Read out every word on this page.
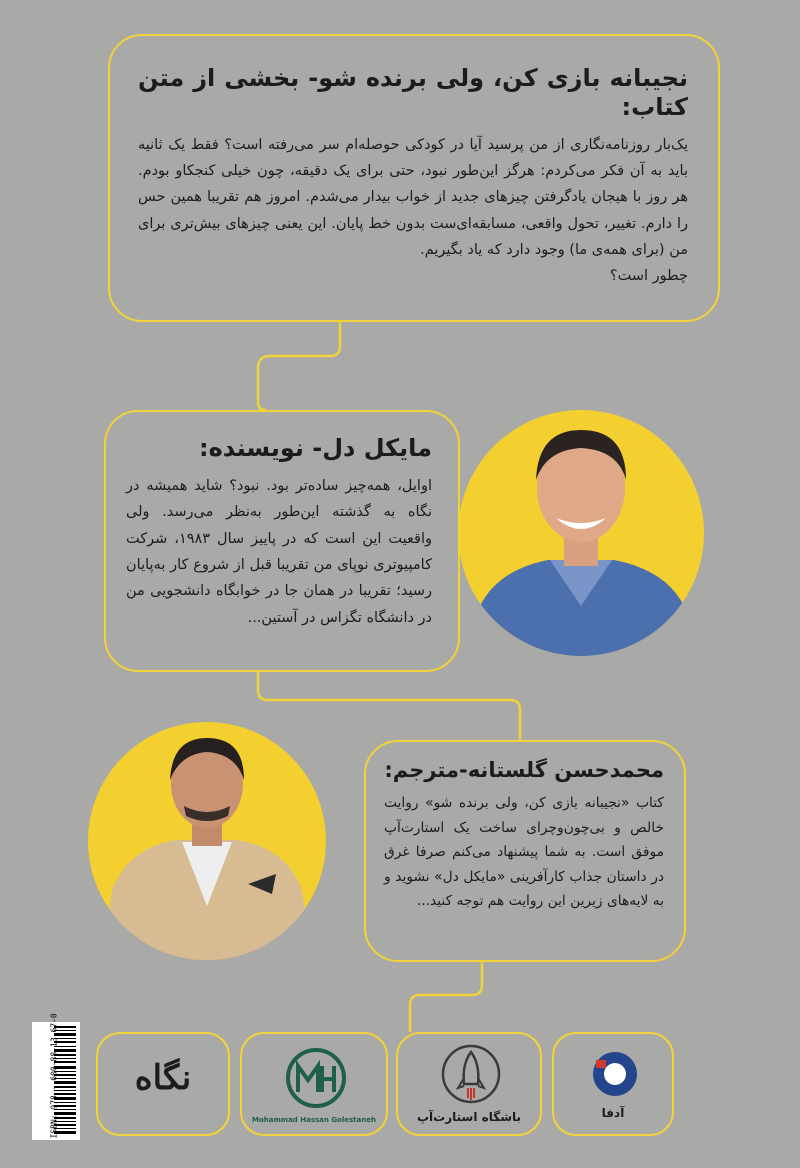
نجیبانه بازی کن، ولی برنده شو- بخشی از متن کتاب:

یک‌بار روزنامه‌نگاری از من پرسید آیا در کودکی حوصله‌ام سر می‌رفته است؟ فقط یک ثانیه باید به آن فکر می‌کردم: هرگز این‌طور نبود، حتی برای یک دقیقه، چون خیلی کنجکاو بودم. هر روز با هیجان یادگرفتن چیزهای جدید از خواب بیدار می‌شدم. امروز هم تقریبا همین حس را دارم. تغییر، تحول واقعی، مسابقه‌ای‌ست بدون خط پایان. این یعنی چیزهای بیش‌تری برای من (برای همه‌ی ما) وجود دارد که یاد بگیریم.
چطور است؟

مایکل دل- نویسنده:

اوایل، همه‌چیز ساده‌تر بود. نبود؟ شاید همیشه در نگاه به گذشته این‌طور به‌نظر می‌رسد. ولی واقعیت این است که در پاییز سال ۱۹۸۳، شرکت کامپیوتری نوپای من تقریبا قبل از شروع کار به‌پایان رسید؛ تقریبا در همان جا در خوابگاه دانشجویی من در دانشگاه تگزاس در آستین...

محمدحسن گلستانه-مترجم:

کتاب «نجیبانه بازی کن، ولی برنده شو» روایت خالص و بی‌چون‌وچرای ساخت یک استارت‌آپ موفق است. به شما پیشنهاد می‌کنم صرفا غرق در داستان جذاب کارآفرینی «مایکل دل» نشوید و به لایه‌های زیرین این روایت هم توجه کنید...

ISBN: 978 - 600-88-13-67-0	نگاه
Mohammad Hassan Golestaneh	باشگاه استارت‌آپ	آدفا
